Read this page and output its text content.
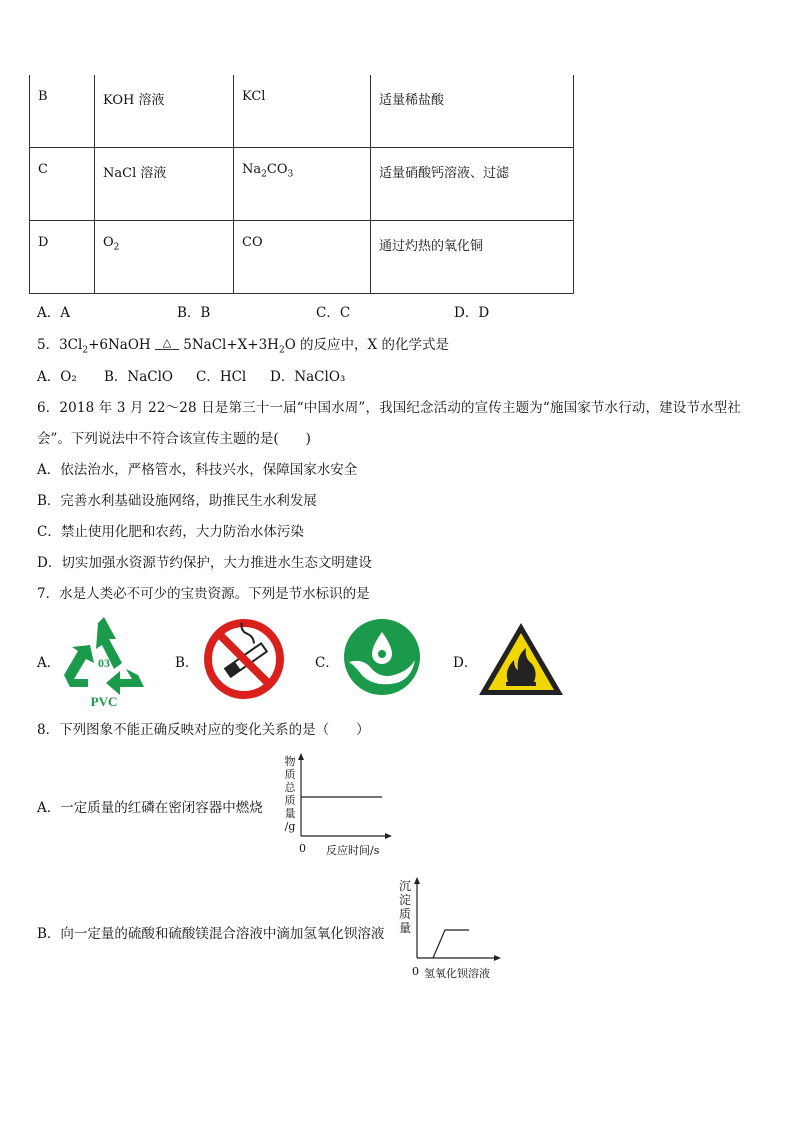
B	KOH 溶液	KCl	适量稀盐酸
C	NaCl 溶液	$Na_2CO_3$	适量硝酸钙溶液、过滤
D	$O_2$	CO	通过灼热的氧化铜
A．A	B．B	C．C	D．D
5．$3Cl_2+6NaOH$ △ $5NaCl+X+3H_2O$ 的反应中，X 的化学式是
A．O₂ B．NaClO C．HCl D．NaClO₃
6．2018 年 3 月 22～28 日是第三十一届“中国水周”，我国纪念活动的宣传主题为“施国家节水行动，建设节水型社
会”。下列说法中不符合该宣传主题的是(　　)
A．依法治水，严格管水，科技兴水，保障国家水安全
B．完善水利基础设施网络，助推民生水利发展
C．禁止使用化肥和农药，大力防治水体污染
D．切实加强水资源节约保护，大力推进水生态文明建设
7．水是人类必不可少的宝贵资源。下列是节水标识的是
A．	03
PVC
B．	C．	D．
8．下列图象不能正确反映对应的变化关系的是（　　）
A．一定质量的红磷在密闭容器中燃烧
物
质
总
质
量
/g
0 反应时间/s
B．向一定量的硫酸和硫酸镁混合溶液中滴加氢氧化钡溶液
沉
淀
质
量
0 氢氧化钡溶液
